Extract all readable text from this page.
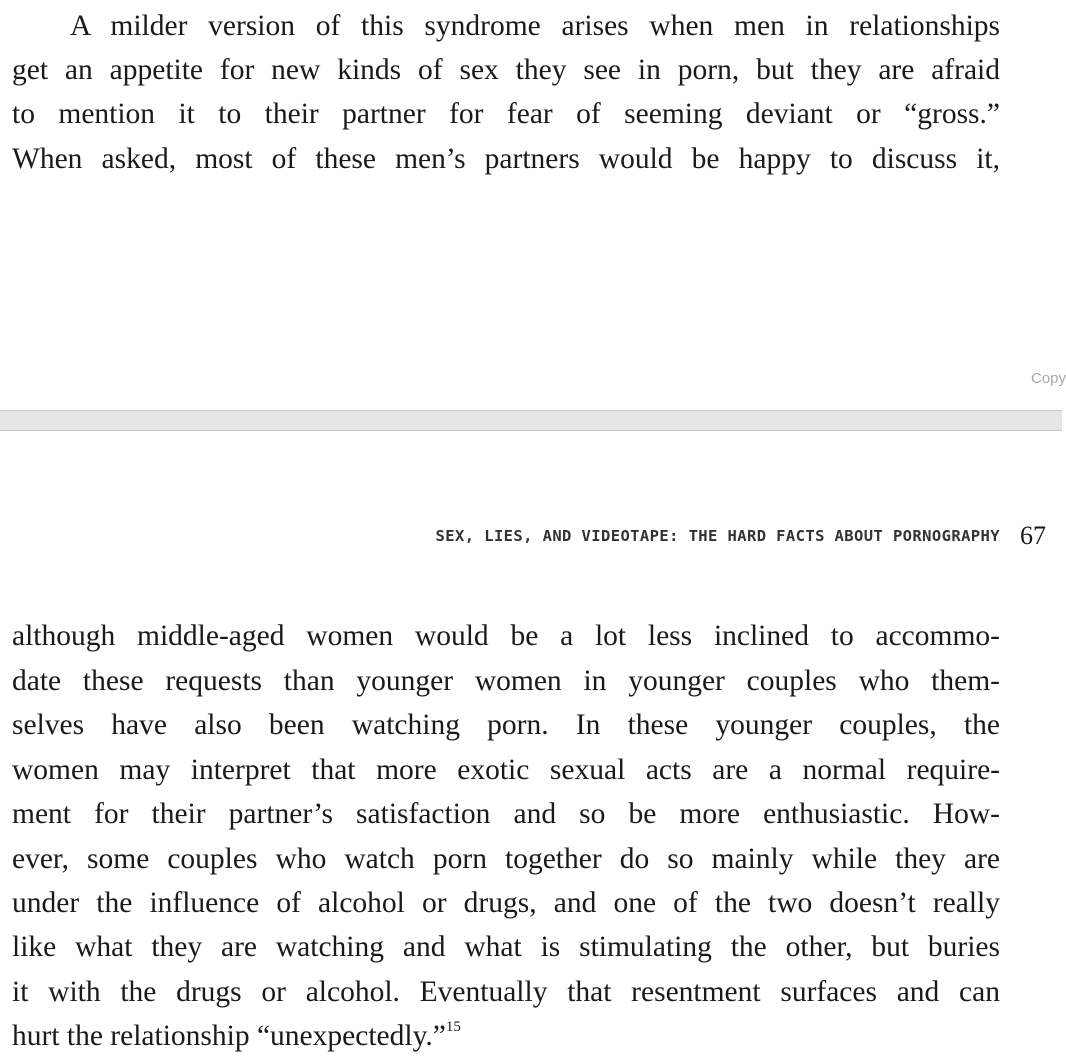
A milder version of this syndrome arises when men in relationships
get an appetite for new kinds of sex they see in porn, but they are afraid
to mention it to their partner for fear of seeming deviant or “gross.”
When asked, most of these men’s partners would be happy to discuss it,
Copy
SEX, LIES, AND VIDEOTAPE: THE HARD FACTS ABOUT PORNOGRAPHY 67
although middle-aged women would be a lot less inclined to accommo-
date these requests than younger women in younger couples who them-
selves have also been watching porn. In these younger couples, the
women may interpret that more exotic sexual acts are a normal require-
ment for their partner’s satisfaction and so be more enthusiastic. How-
ever, some couples who watch porn together do so mainly while they are
under the influence of alcohol or drugs, and one of the two doesn’t really
like what they are watching and what is stimulating the other, but buries
it with the drugs or alcohol. Eventually that resentment surfaces and can
hurt the relationship “unexpectedly.”$^{15}$
